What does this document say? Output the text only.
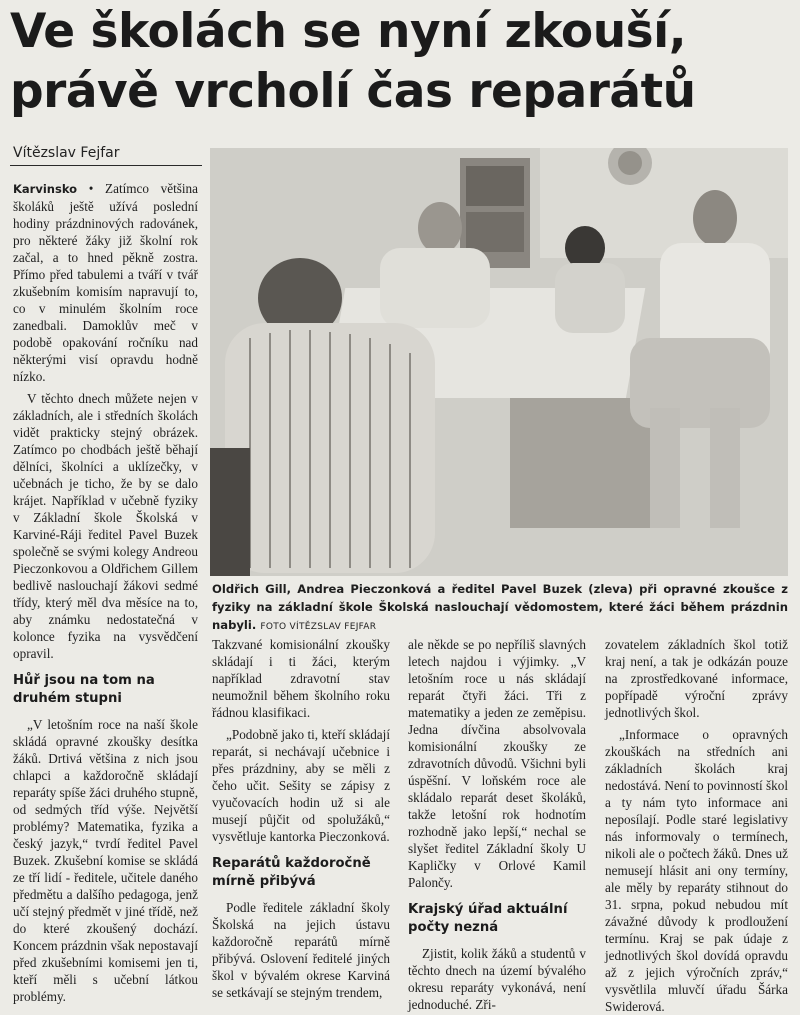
Ve školách se nyní zkouší,
právě vrcholí čas reparátů
Vítězslav Fejfar

Karvinsko • Zatímco většina školáků ještě užívá poslední hodiny prázdninových radovánek, pro některé žáky již školní rok začal, a to hned pěkně zostra. Přímo před tabulemi a tváří v tvář zkušebním komisím napravují to, co v minulém školním roce zanedbali. Damoklův meč v podobě opakování ročníku nad některými visí opravdu hodně nízko.

V těchto dnech můžete nejen v základních, ale i středních školách vidět prakticky stejný obrázek. Zatímco po chodbách ještě běhají dělníci, školníci a uklízečky, v učebnách je ticho, že by se dalo krájet. Například v učebně fyziky v Základní škole Školská v Karviné-Ráji ředitel Pavel Buzek společně se svými kolegy Andreou Pieczonkovou a Oldřichem Gillem bedlivě naslouchají žákovi sedmé třídy, který měl dva měsíce na to, aby známku nedostatečná v kolonce fyzika na vysvědčení opravil.

Hůř jsou na tom na druhém stupni

„V letošním roce na naší škole skládá opravné zkoušky desítka žáků. Drtivá většina z nich jsou chlapci a každoročně skládají reparáty spíše žáci druhého stupně, od sedmých tříd výše. Největší problémy? Matematika, fyzika a český jazyk,“ tvrdí ředitel Pavel Buzek. Zkušební komise se skládá ze tří lidí - ředitele, učitele daného předmětu a dalšího pedagoga, jenž učí stejný předmět v jiné třídě, než do které zkoušený dochází. Koncem prázdnin však nepostavají před zkušebními komisemi jen ti, kteří měli s učební látkou problémy.

Oldřich Gill, Andrea Pieczonková a ředitel Pavel Buzek (zleva) při opravné zkoušce z fyziky na základní škole Školská naslouchají vědomostem, které žáci během prázdnin nabyli. FOTO VÍTĚZSLAV FEJFAR

Takzvané komisionální zkoušky skládají i ti žáci, kterým například zdravotní stav neumožnil během školního roku řádnou klasifikaci.

„Podobně jako ti, kteří skládají reparát, si nechávají učebnice i přes prázdniny, aby se měli z čeho učit. Sešity se zápisy z vyučovacích hodin už si ale musejí půjčit od spolužáků,“ vysvětluje kantorka Pieczonková.

Reparátů každoročně mírně přibývá

Podle ředitele základní školy Školská na jejich ústavu každoročně reparátů mírně přibývá. Oslovení ředitelé jiných škol v bývalém okrese Karviná se setkávají se stejným trendem,

ale někde se po nepříliš slavných letech najdou i výjimky. „V letošním roce u nás skládají reparát čtyři žáci. Tři z matematiky a jeden ze zeměpisu. Jedna dívčina absolvovala komisionální zkoušky ze zdravotních důvodů. Všichni byli úspěšní. V loňském roce ale skládalo reparát deset školáků, takže letošní rok hodnotím rozhodně jako lepší,“ nechal se slyšet ředitel Základní školy U Kapličky v Orlové Kamil Palončy.

Krajský úřad aktuální počty nezná

Zjistit, kolik žáků a studentů v těchto dnech na území bývalého okresu reparáty vykonává, není jednoduché. Zři-

zovatelem základních škol totiž kraj není, a tak je odkázán pouze na zprostředkované informace, popřípadě výroční zprávy jednotlivých škol.

„Informace o opravných zkouškách na středních ani základních školách kraj nedostává. Není to povinností škol a ty nám tyto informace ani neposílají. Podle staré legislativy nás informovaly o termínech, nikoli ale o počtech žáků. Dnes už nemusejí hlásit ani ony termíny, ale měly by reparáty stihnout do 31. srpna, pokud nebudou mít závažné důvody k prodloužení termínu. Kraj se pak údaje z jednotlivých škol dovídá opravdu až z jejich výročních zpráv,“ vysvětlila mluvčí úřadu Šárka Swiderová.
